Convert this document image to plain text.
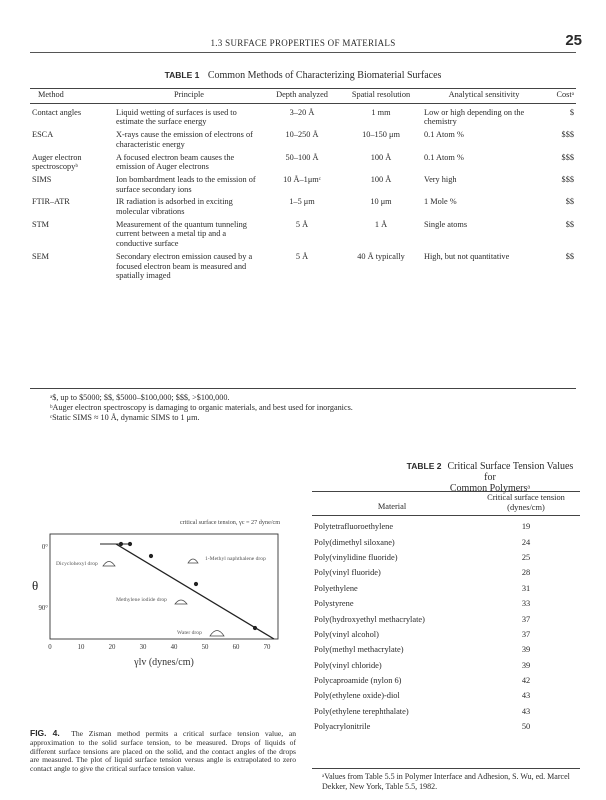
1.3 SURFACE PROPERTIES OF MATERIALS	25
TABLE 1 Common Methods of Characterizing Biomaterial Surfaces
Method	Principle	Depth analyzed	Spatial resolution	Analytical sensitivity	Costᵃ

Contact angles	Liquid wetting of surfaces is used to estimate the surface energy	3–20 Å	1 mm	Low or high depending on the chemistry	$
ESCA	X-rays cause the emission of electrons of characteristic energy	10–250 Å	10–150 μm	0.1 Atom %	$$$
Auger electron spectroscopyᵇ	A focused electron beam causes the emission of Auger electrons	50–100 Å	100 Å	0.1 Atom %	$$$
SIMS	Ion bombardment leads to the emission of surface secondary ions	10 Å–1μmᶜ	100 Å	Very high	$$$
FTIR–ATR	IR radiation is adsorbed in exciting molecular vibrations	1–5 μm	10 μm	1 Mole %	$$
STM	Measurement of the quantum tunneling current between a metal tip and a conductive surface	5 Å	1 Å	Single atoms	$$
SEM	Secondary electron emission caused by a focused electron beam is measured and spatially imaged	5 Å	40 Å typically	High, but not quantitative	$$
ᵃ$, up to $5000; $$, $5000–$100,000; $$$, >$100,000.
ᵇAuger electron spectroscopy is damaging to organic materials, and best used for inorganics.
ᶜStatic SIMS ≈ 10 Å, dynamic SIMS to 1 μm.
critical surface tension, γc = 27 dyne/cm
0°
90°
θ
Dicyclohexyl drop
1-Methyl naphthalene drop
Methylene iodide drop
Water drop
0	10	20	30	40	50	60	70
γlv (dynes/cm)
FIG. 4. The Zisman method permits a critical surface tension value, an approximation to the solid surface tension, to be measured. Drops of liquids of different surface tensions are placed on the solid, and the contact angles of the drops are measured. The plot of liquid surface tension versus angle is extrapolated to zero contact angle to give the critical surface tension value.
TABLE 2 Critical Surface Tension Values for
Common Polymersᵃ
Material	Critical surface tension
(dynes/cm)

Polytetrafluoroethylene	19
Poly(dimethyl siloxane)	24
Poly(vinylidine fluoride)	25
Poly(vinyl fluoride)	28
Polyethylene	31
Polystyrene	33
Poly(hydroxyethyl methacrylate)	37
Poly(vinyl alcohol)	37
Poly(methyl methacrylate)	39
Poly(vinyl chloride)	39
Polycaproamide (nylon 6)	42
Poly(ethylene oxide)-diol	43
Poly(ethylene terephthalate)	43
Polyacrylonitrile	50
ᵃValues from Table 5.5 in Polymer Interface and Adhesion, S. Wu, ed. Marcel Dekker, New York, Table 5.5, 1982.
